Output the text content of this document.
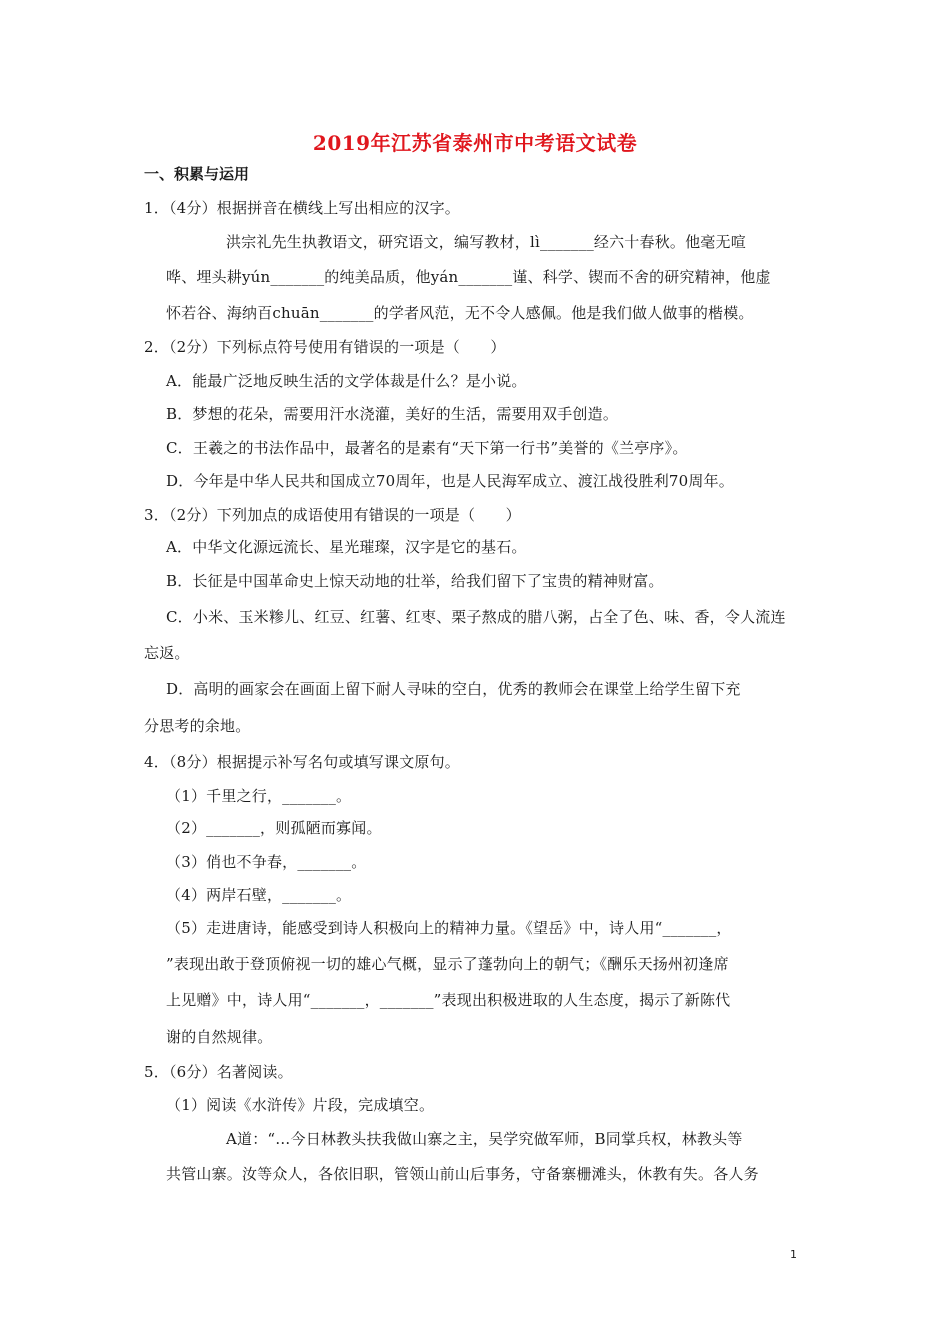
2019年江苏省泰州市中考语文试卷
一、积累与运用
1．（4分）根据拼音在横线上写出相应的汉字。
洪宗礼先生执教语文，研究语文，编写教材，lì_______经六十春秋。他毫无喧
哗、埋头耕yún_______的纯美品质，他yán_______谨、科学、锲而不舍的研究精神，他虚
怀若谷、海纳百chuān_______的学者风范，无不令人感佩。他是我们做人做事的楷模。
2．（2分）下列标点符号使用有错误的一项是（　　）
A．能最广泛地反映生活的文学体裁是什么？是小说。
B．梦想的花朵，需要用汗水浇灌，美好的生活，需要用双手创造。
C．王羲之的书法作品中，最著名的是素有“天下第一行书”美誉的《兰亭序》。
D．今年是中华人民共和国成立70周年，也是人民海军成立、渡江战役胜利70周年。
3．（2分）下列加点的成语使用有错误的一项是（　　）
A．中华文化源远流长、星光璀璨，汉字是它的基石。
B．长征是中国革命史上惊天动地的壮举，给我们留下了宝贵的精神财富。
C．小米、玉米糁儿、红豆、红薯、红枣、栗子熬成的腊八粥，占全了色、味、香，令人流连
忘返。
D．高明的画家会在画面上留下耐人寻味的空白，优秀的教师会在课堂上给学生留下充
分思考的余地。
4．（8分）根据提示补写名句或填写课文原句。
（1）千里之行，_______。
（2）_______，则孤陋而寡闻。
（3）俏也不争春，_______。
（4）两岸石壁，_______。
（5）走进唐诗，能感受到诗人积极向上的精神力量。《望岳》中，诗人用“_______，
”表现出敢于登顶俯视一切的雄心气概，显示了蓬勃向上的朝气；《酬乐天扬州初逢席
上见赠》中，诗人用“_______，_______”表现出积极进取的人生态度，揭示了新陈代
谢的自然规律。
5．（6分）名著阅读。
（1）阅读《水浒传》片段，完成填空。
A道：“…今日林教头扶我做山寨之主，吴学究做军师，B同掌兵权，林教头等
共管山寨。汝等众人，各依旧职，管领山前山后事务，守备寨栅滩头，休教有失。各人务
1
